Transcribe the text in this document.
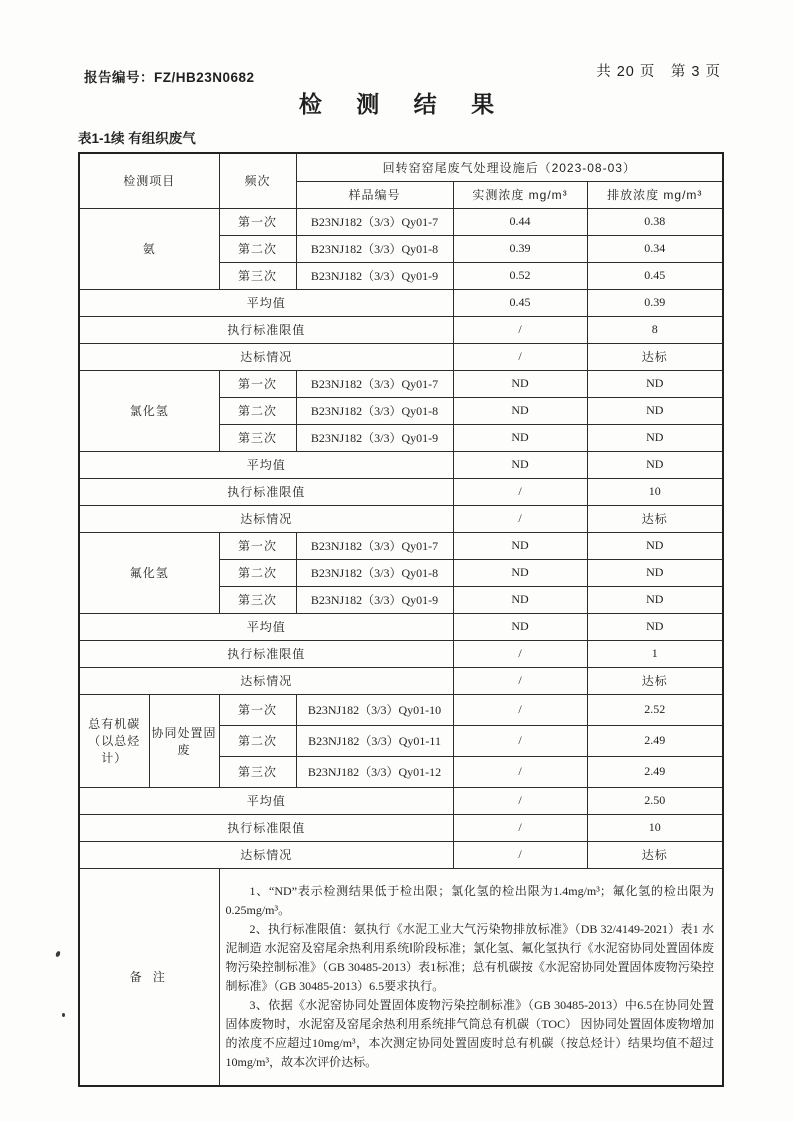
报告编号：FZ/HB23N0682	共 20 页　第 3 页
检 测 结 果
表1-1续 有组织废气
检测项目		频次	回转窑窑尾废气处理设施后（2023-08-03）		
			样品编号	实测浓度 mg/m³	排放浓度 mg/m³
氨		第一次	B23NJ182（3/3）Qy01-7	0.44	0.38
		第二次	B23NJ182（3/3）Qy01-8	0.39	0.34
		第三次	B23NJ182（3/3）Qy01-9	0.52	0.45
平均值				0.45	0.39
执行标准限值				/	8
达标情况				/	达标
氯化氢		第一次	B23NJ182（3/3）Qy01-7	ND	ND
		第二次	B23NJ182（3/3）Qy01-8	ND	ND
		第三次	B23NJ182（3/3）Qy01-9	ND	ND
平均值				ND	ND
执行标准限值				/	10
达标情况				/	达标
氟化氢		第一次	B23NJ182（3/3）Qy01-7	ND	ND
		第二次	B23NJ182（3/3）Qy01-8	ND	ND
		第三次	B23NJ182（3/3）Qy01-9	ND	ND
平均值				ND	ND
执行标准限值				/	1
达标情况				/	达标
总有机碳（以总烃计）	协同处置固废	第一次	B23NJ182（3/3）Qy01-10	/	2.52
		第二次	B23NJ182（3/3）Qy01-11	/	2.49
		第三次	B23NJ182（3/3）Qy01-12	/	2.49
平均值				/	2.50
执行标准限值				/	10
达标情况				/	达标
备 注		1、“ND”表示检测结果低于检出限；氯化氢的检出限为1.4mg/m³；氟化氢的检出限为0.25mg/m³。

2、执行标准限值：氨执行《水泥工业大气污染物排放标准》（DB 32/4149-2021）表1 水泥制造 水泥窑及窑尾余热利用系统Ⅰ阶段标准；氯化氢、氟化氢执行《水泥窑协同处置固体废物污染控制标准》（GB 30485-2013）表1标准；总有机碳按《水泥窑协同处置固体废物污染控制标准》（GB 30485-2013）6.5要求执行。

3、依据《水泥窑协同处置固体废物污染控制标准》（GB 30485-2013）中6.5在协同处置固体废物时，水泥窑及窑尾余热利用系统排气筒总有机碳（TOC） 因协同处置固体废物增加的浓度不应超过10mg/m³，本次测定协同处置固废时总有机碳（按总烃计）结果均值不超过10mg/m³，故本次评价达标。			
